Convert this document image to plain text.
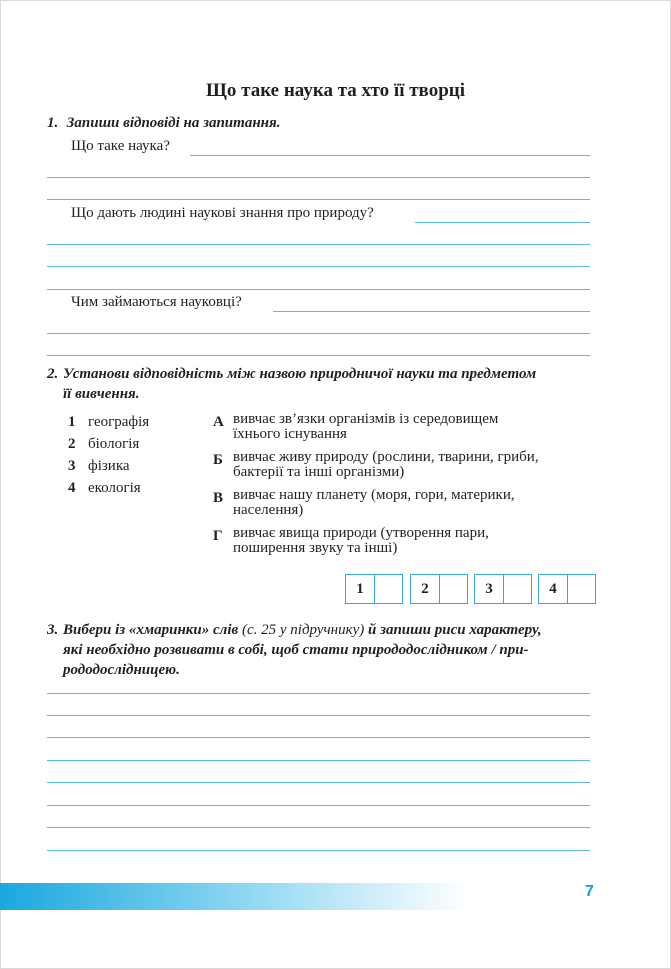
Що таке наука та хто її творці
1. Запиши відповіді на запитання.
Що таке наука?
Що дають людині наукові знання про природу?
Чим займаються науковці?
2. Установи відповідність між назвою природничої науки та предметом
її вивчення.
1 географія
2 біологія
3 фізика
4 екологія
А вивчає зв’язки організмів із середовищем
їхнього існування
Б вивчає живу природу (рослини, тварини, гриби,
бактерії та інші організми)
В вивчає нашу планету (моря, гори, материки,
населення)
Г вивчає явища природи (утворення пари,
поширення звуку та інші)
1	2	3	4
3. Вибери із «хмаринки» слів (с. 25 у підручнику) й запиши риси характеру,
які необхідно розвивати в собі, щоб стати природодослідником / при-
рододослідницею.
7
